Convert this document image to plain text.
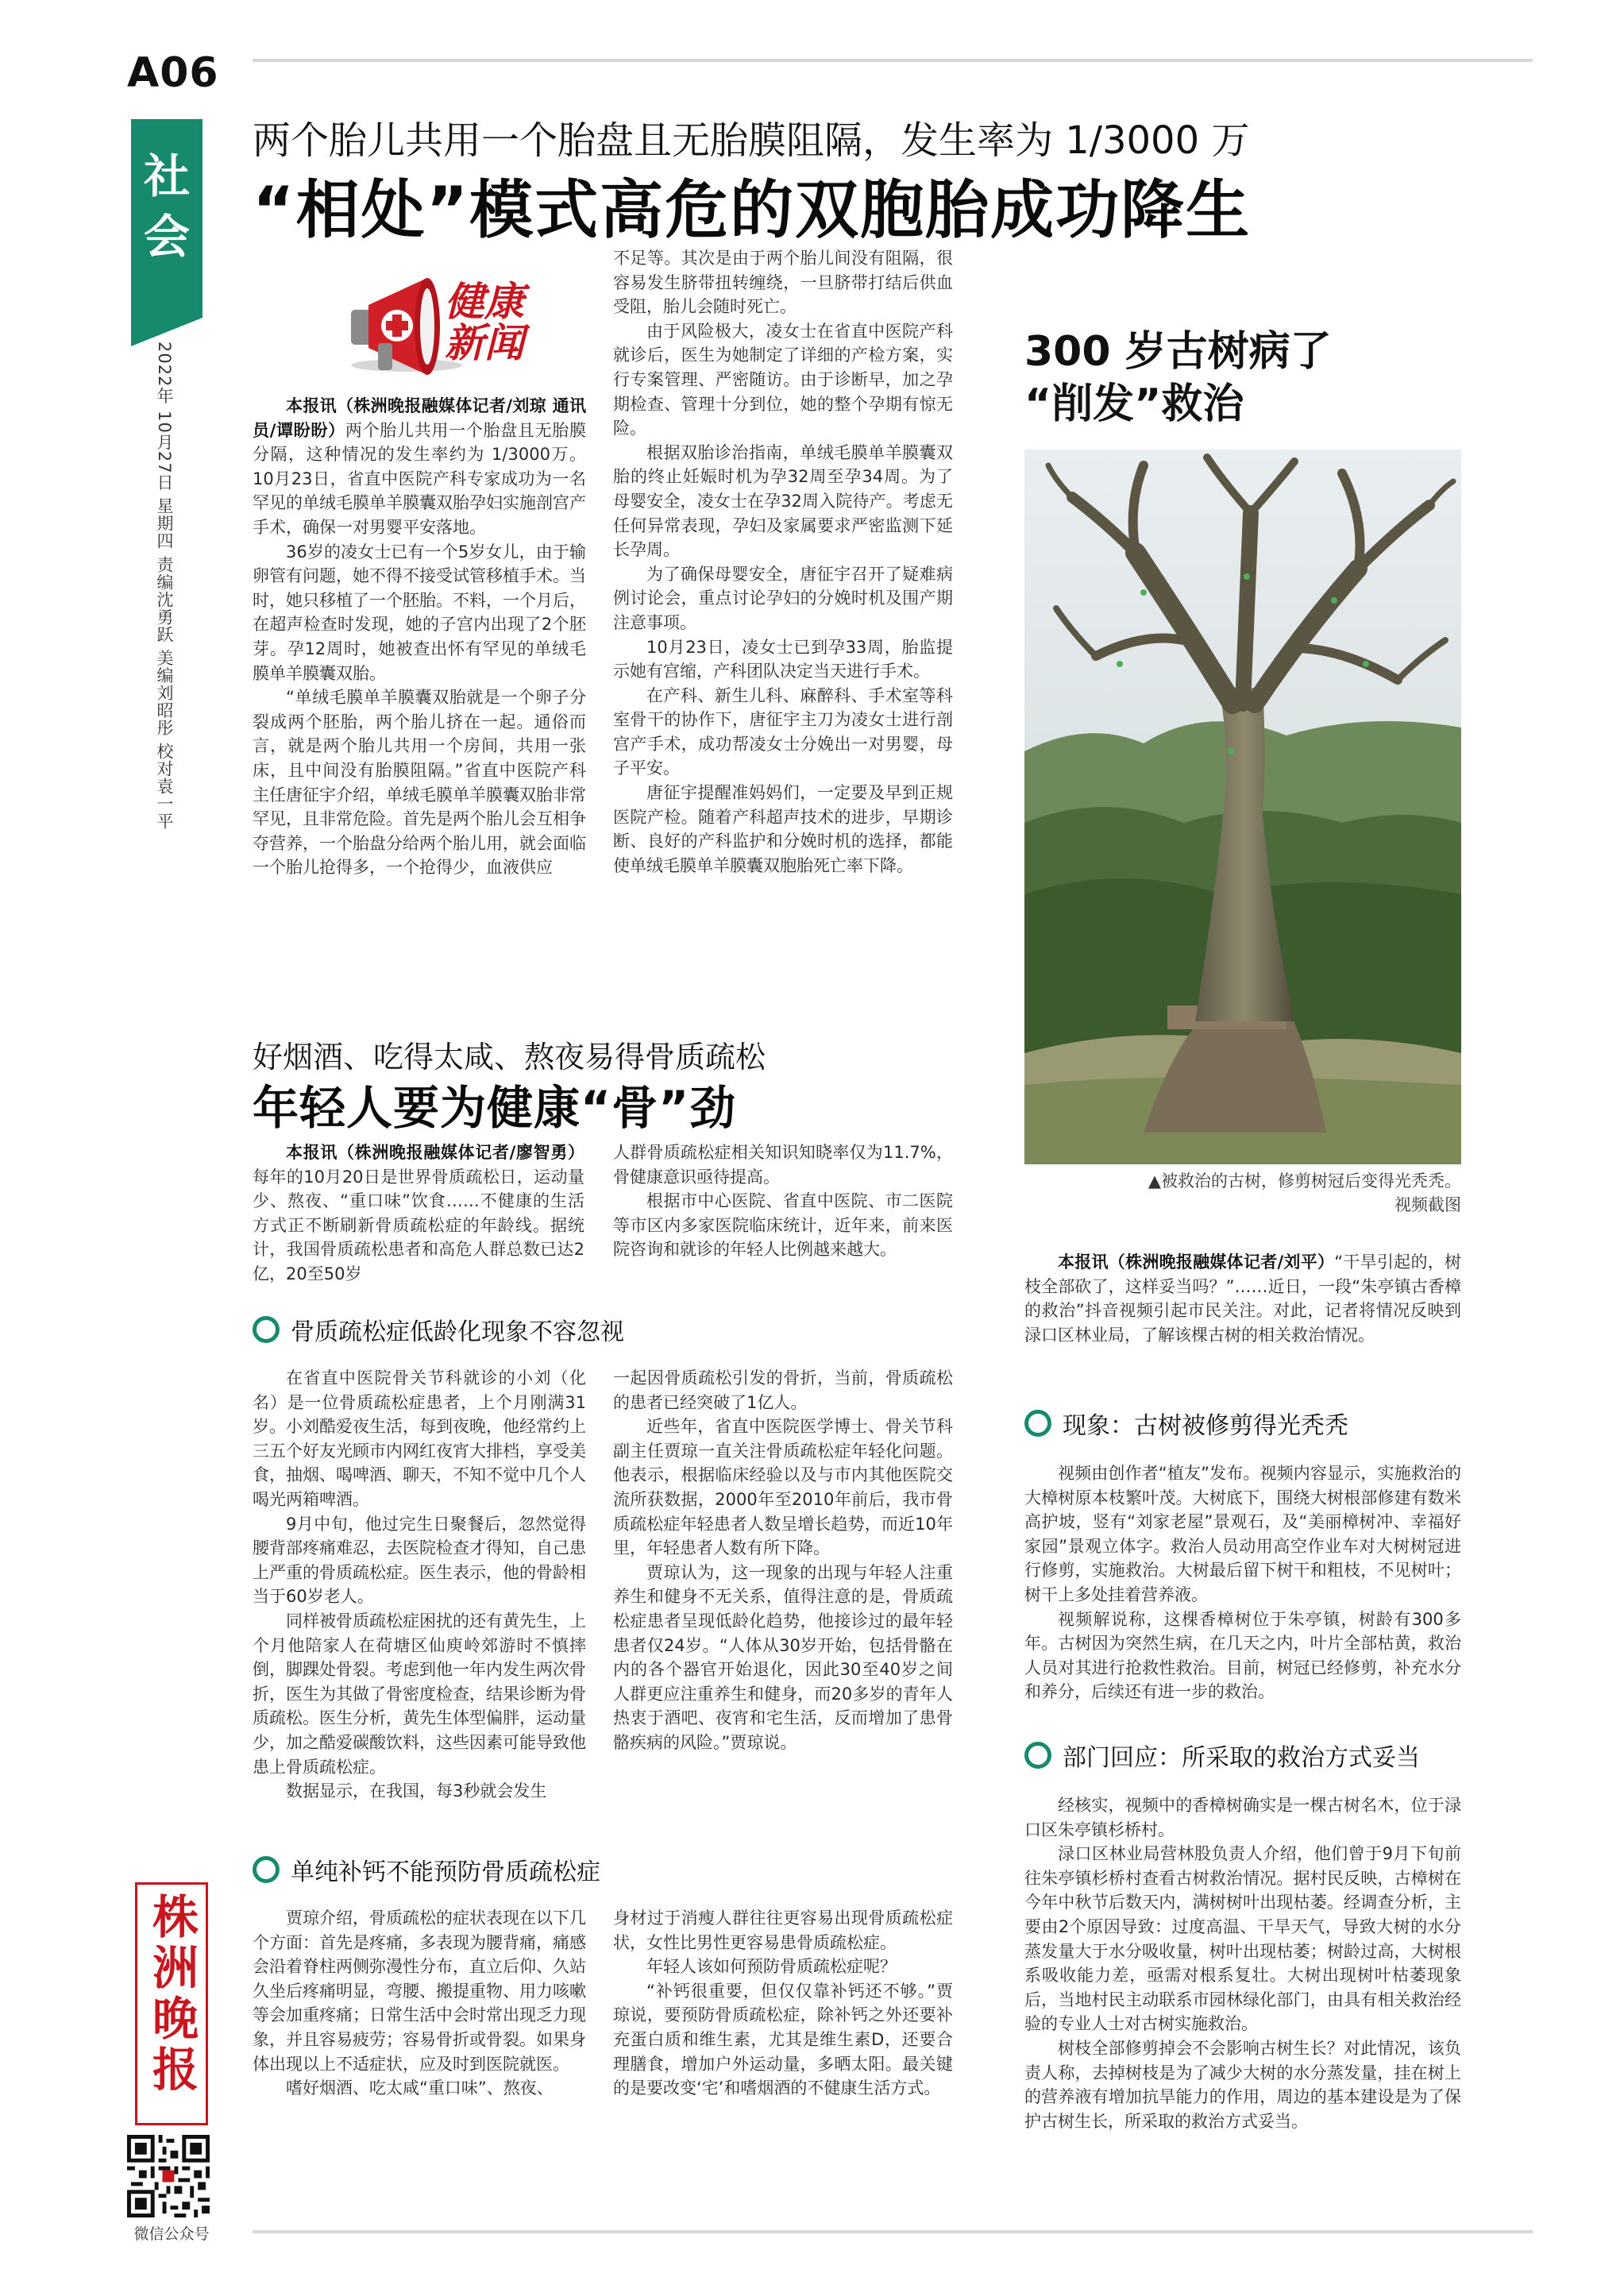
A06
社会
2022年 10月27日 星期四 责编沈勇跃 美编刘昭彤 校对袁一平
株洲晚报
微信公众号
两个胎儿共用一个胎盘且无胎膜阻隔，发生率为 1/3000 万
“相处”模式高危的双胞胎成功降生
健康新闻

本报讯（株洲晚报融媒体记者/刘琼 通讯员/谭盼盼）两个胎儿共用一个胎盘且无胎膜分隔，这种情况的发生率约为 1/3000万。10月23日，省直中医院产科专家成功为一名罕见的单绒毛膜单羊膜囊双胎孕妇实施剖宫产手术，确保一对男婴平安落地。

36岁的凌女士已有一个5岁女儿，由于输卵管有问题，她不得不接受试管移植手术。当时，她只移植了一个胚胎。不料，一个月后，在超声检查时发现，她的子宫内出现了2个胚芽。孕12周时，她被查出怀有罕见的单绒毛膜单羊膜囊双胎。

“单绒毛膜单羊膜囊双胎就是一个卵子分裂成两个胚胎，两个胎儿挤在一起。通俗而言，就是两个胎儿共用一个房间，共用一张床，且中间没有胎膜阻隔。”省直中医院产科主任唐征宇介绍，单绒毛膜单羊膜囊双胎非常罕见，且非常危险。首先是两个胎儿会互相争夺营养，一个胎盘分给两个胎儿用，就会面临一个胎儿抢得多，一个抢得少，血液供应

不足等。其次是由于两个胎儿间没有阻隔，很容易发生脐带扭转缠绕，一旦脐带打结后供血受阻，胎儿会随时死亡。

由于风险极大，凌女士在省直中医院产科就诊后，医生为她制定了详细的产检方案，实行专案管理、严密随访。由于诊断早，加之孕期检查、管理十分到位，她的整个孕期有惊无险。

根据双胎诊治指南，单绒毛膜单羊膜囊双胎的终止妊娠时机为孕32周至孕34周。为了母婴安全，凌女士在孕32周入院待产。考虑无任何异常表现，孕妇及家属要求严密监测下延长孕周。

为了确保母婴安全，唐征宇召开了疑难病例讨论会，重点讨论孕妇的分娩时机及围产期注意事项。

10月23日，凌女士已到孕33周，胎监提示她有宫缩，产科团队决定当天进行手术。

在产科、新生儿科、麻醉科、手术室等科室骨干的协作下，唐征宇主刀为凌女士进行剖宫产手术，成功帮凌女士分娩出一对男婴，母子平安。

唐征宇提醒准妈妈们，一定要及早到正规医院产检。随着产科超声技术的进步，早期诊断、良好的产科监护和分娩时机的选择，都能使单绒毛膜单羊膜囊双胞胎死亡率下降。

好烟酒、吃得太咸、熬夜易得骨质疏松
年轻人要为健康“骨”劲

本报讯（株洲晚报融媒体记者/廖智勇）每年的10月20日是世界骨质疏松日，运动量少、熬夜、“重口味”饮食……不健康的生活方式正不断刷新骨质疏松症的年龄线。据统计，我国骨质疏松患者和高危人群总数已达2亿，20至50岁

人群骨质疏松症相关知识知晓率仅为11.7%，骨健康意识亟待提高。

根据市中心医院、省直中医院、市二医院等市区内多家医院临床统计，近年来，前来医院咨询和就诊的年轻人比例越来越大。

骨质疏松症低龄化现象不容忽视

在省直中医院骨关节科就诊的小刘（化名）是一位骨质疏松症患者，上个月刚满31岁。小刘酷爱夜生活，每到夜晚，他经常约上三五个好友光顾市内网红夜宵大排档，享受美食，抽烟、喝啤酒、聊天，不知不觉中几个人喝光两箱啤酒。

9月中旬，他过完生日聚餐后，忽然觉得腰背部疼痛难忍，去医院检查才得知，自己患上严重的骨质疏松症。医生表示，他的骨龄相当于60岁老人。

同样被骨质疏松症困扰的还有黄先生，上个月他陪家人在荷塘区仙庾岭郊游时不慎摔倒，脚踝处骨裂。考虑到他一年内发生两次骨折，医生为其做了骨密度检查，结果诊断为骨质疏松。医生分析，黄先生体型偏胖，运动量少，加之酷爱碳酸饮料，这些因素可能导致他患上骨质疏松症。

数据显示，在我国，每3秒就会发生

一起因骨质疏松引发的骨折，当前，骨质疏松的患者已经突破了1亿人。

近些年，省直中医院医学博士、骨关节科副主任贾琼一直关注骨质疏松症年轻化问题。他表示，根据临床经验以及与市内其他医院交流所获数据，2000年至2010年前后，我市骨质疏松症年轻患者人数呈增长趋势，而近10年里，年轻患者人数有所下降。

贾琼认为，这一现象的出现与年轻人注重养生和健身不无关系，值得注意的是，骨质疏松症患者呈现低龄化趋势，他接诊过的最年轻患者仅24岁。“人体从30岁开始，包括骨骼在内的各个器官开始退化，因此30至40岁之间人群更应注重养生和健身，而20多岁的青年人热衷于酒吧、夜宵和宅生活，反而增加了患骨骼疾病的风险。”贾琼说。

单纯补钙不能预防骨质疏松症

贾琼介绍，骨质疏松的症状表现在以下几个方面：首先是疼痛，多表现为腰背痛，痛感会沿着脊柱两侧弥漫性分布，直立后仰、久站久坐后疼痛明显，弯腰、搬提重物、用力咳嗽等会加重疼痛；日常生活中会时常出现乏力现象，并且容易疲劳；容易骨折或骨裂。如果身体出现以上不适症状，应及时到医院就医。

嗜好烟酒、吃太咸“重口味”、熬夜、

身材过于消瘦人群往往更容易出现骨质疏松症状，女性比男性更容易患骨质疏松症。

年轻人该如何预防骨质疏松症呢？

“补钙很重要，但仅仅靠补钙还不够。”贾琼说，要预防骨质疏松症，除补钙之外还要补充蛋白质和维生素，尤其是维生素D，还要合理膳食，增加户外运动量，多晒太阳。最关键的是要改变‘宅’和嗜烟酒的不健康生活方式。

300 岁古树病了
“削发”救治
▲被救治的古树，修剪树冠后变得光秃秃。
视频截图

本报讯（株洲晚报融媒体记者/刘平）“干旱引起的，树枝全部砍了，这样妥当吗？”……近日，一段“朱亭镇古香樟的救治”抖音视频引起市民关注。对此，记者将情况反映到渌口区林业局，了解该棵古树的相关救治情况。

现象：古树被修剪得光秃秃

视频由创作者“植友”发布。视频内容显示，实施救治的大樟树原本枝繁叶茂。大树底下，围绕大树根部修建有数米高护坡，竖有“刘家老屋”景观石，及“美丽樟树冲、幸福好家园”景观立体字。救治人员动用高空作业车对大树树冠进行修剪，实施救治。大树最后留下树干和粗枝，不见树叶；树干上多处挂着营养液。

视频解说称，这棵香樟树位于朱亭镇，树龄有300多年。古树因为突然生病，在几天之内，叶片全部枯黄，救治人员对其进行抢救性救治。目前，树冠已经修剪，补充水分和养分，后续还有进一步的救治。

部门回应：所采取的救治方式妥当

经核实，视频中的香樟树确实是一棵古树名木，位于渌口区朱亭镇杉桥村。

渌口区林业局营林股负责人介绍，他们曾于9月下旬前往朱亭镇杉桥村查看古树救治情况。据村民反映，古樟树在今年中秋节后数天内，满树树叶出现枯萎。经调查分析，主要由2个原因导致：过度高温、干旱天气，导致大树的水分蒸发量大于水分吸收量，树叶出现枯萎；树龄过高，大树根系吸收能力差，亟需对根系复壮。大树出现树叶枯萎现象后，当地村民主动联系市园林绿化部门，由具有相关救治经验的专业人士对古树实施救治。

树枝全部修剪掉会不会影响古树生长？对此情况，该负责人称，去掉树枝是为了减少大树的水分蒸发量，挂在树上的营养液有增加抗旱能力的作用，周边的基本建设是为了保护古树生长，所采取的救治方式妥当。
